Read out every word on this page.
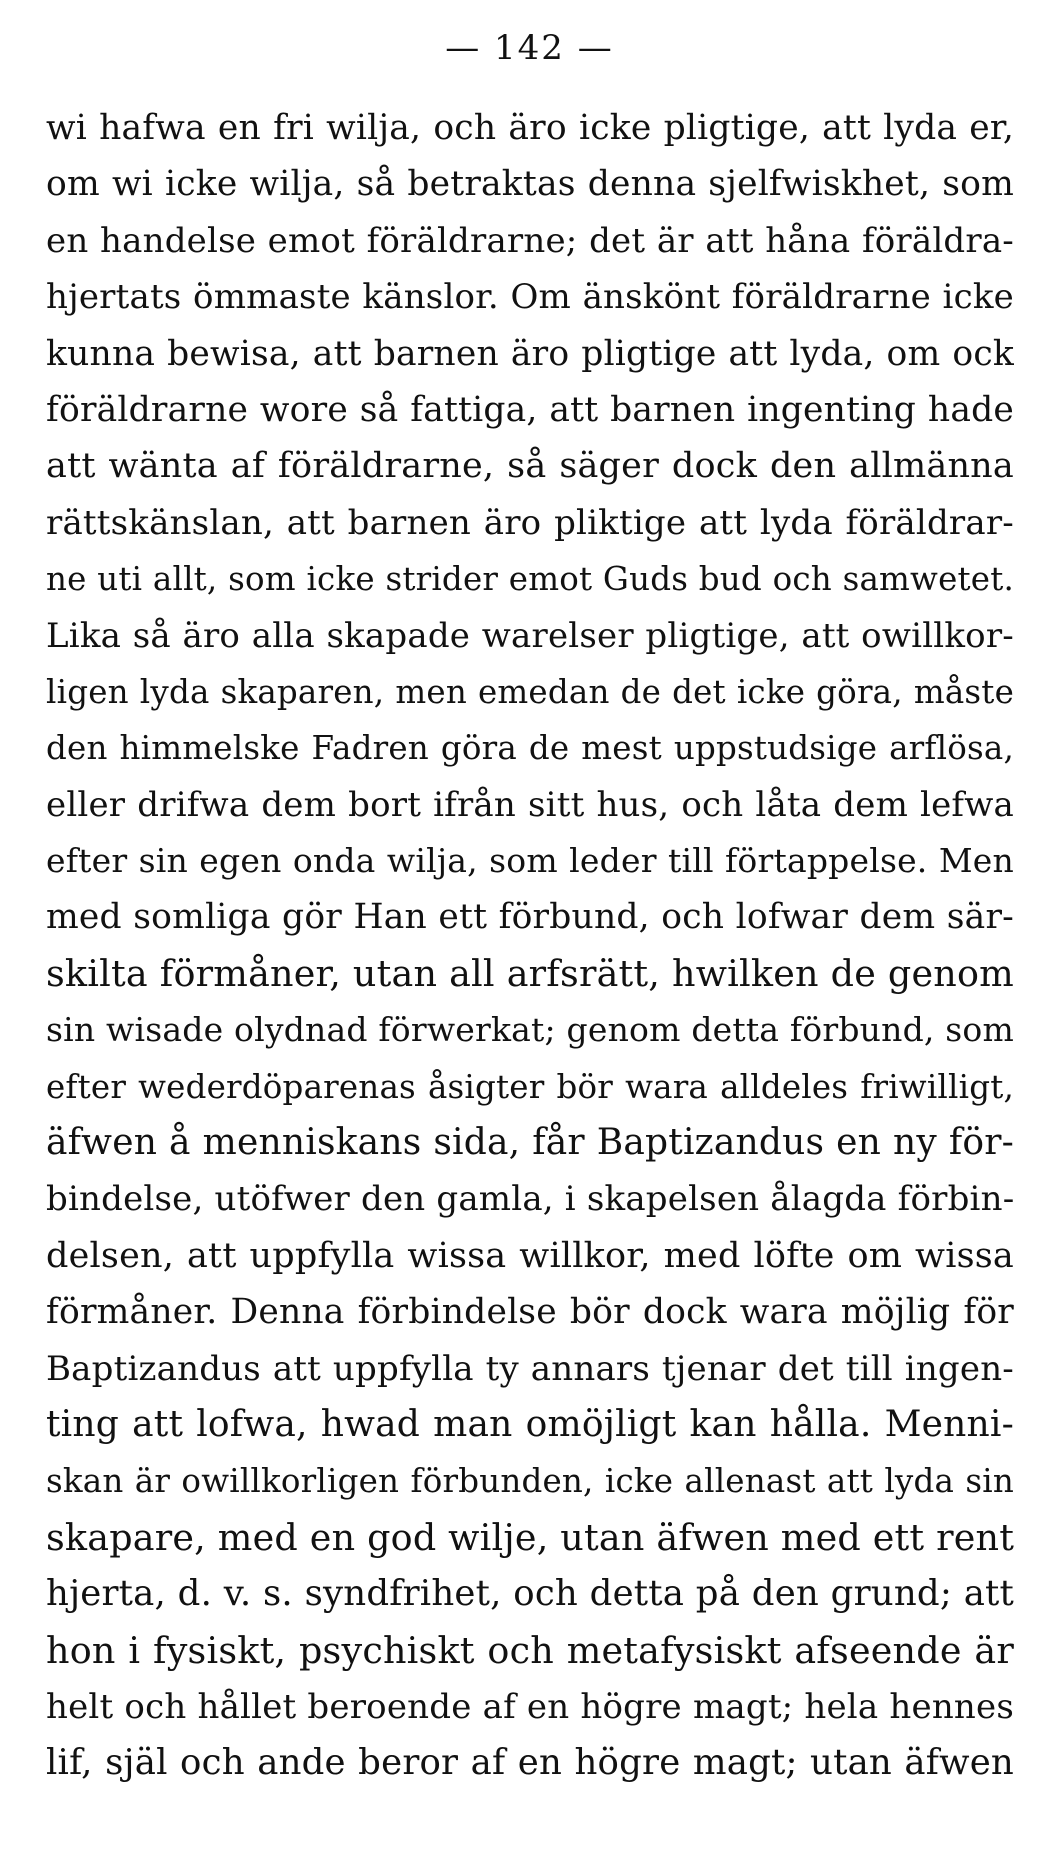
— 142 —
wi hafwa en fri wilja, och äro icke pligtige, att lyda er,
om wi icke wilja, så betraktas denna sjelfwiskhet, som
en handelse emot föräldrarne; det är att håna föräldra-
hjertats ömmaste känslor. Om änskönt föräldrarne icke
kunna bewisa, att barnen äro pligtige att lyda, om ock
föräldrarne wore så fattiga, att barnen ingenting hade
att wänta af föräldrarne, så säger dock den allmänna
rättskänslan, att barnen äro pliktige att lyda föräldrar-
ne uti allt, som icke strider emot Guds bud och samwetet.
Lika så äro alla skapade warelser pligtige, att owillkor-
ligen lyda skaparen, men emedan de det icke göra, måste
den himmelske Fadren göra de mest uppstudsige arflösa,
eller drifwa dem bort ifrån sitt hus, och låta dem lefwa
efter sin egen onda wilja, som leder till förtappelse. Men
med somliga gör Han ett förbund, och lofwar dem sär-
skilta förmåner, utan all arfsrätt, hwilken de genom
sin wisade olydnad förwerkat; genom detta förbund, som
efter wederdöparenas åsigter bör wara alldeles friwilligt,
äfwen å menniskans sida, får Baptizandus en ny för-
bindelse, utöfwer den gamla, i skapelsen ålagda förbin-
delsen, att uppfylla wissa willkor, med löfte om wissa
förmåner. Denna förbindelse bör dock wara möjlig för
Baptizandus att uppfylla ty annars tjenar det till ingen-
ting att lofwa, hwad man omöjligt kan hålla. Menni-
skan är owillkorligen förbunden, icke allenast att lyda sin
skapare, med en god wilje, utan äfwen med ett rent
hjerta, d. v. s. syndfrihet, och detta på den grund; att
hon i fysiskt, psychiskt och metafysiskt afseende är
helt och hållet beroende af en högre magt; hela hennes
lif, själ och ande beror af en högre magt; utan äfwen
